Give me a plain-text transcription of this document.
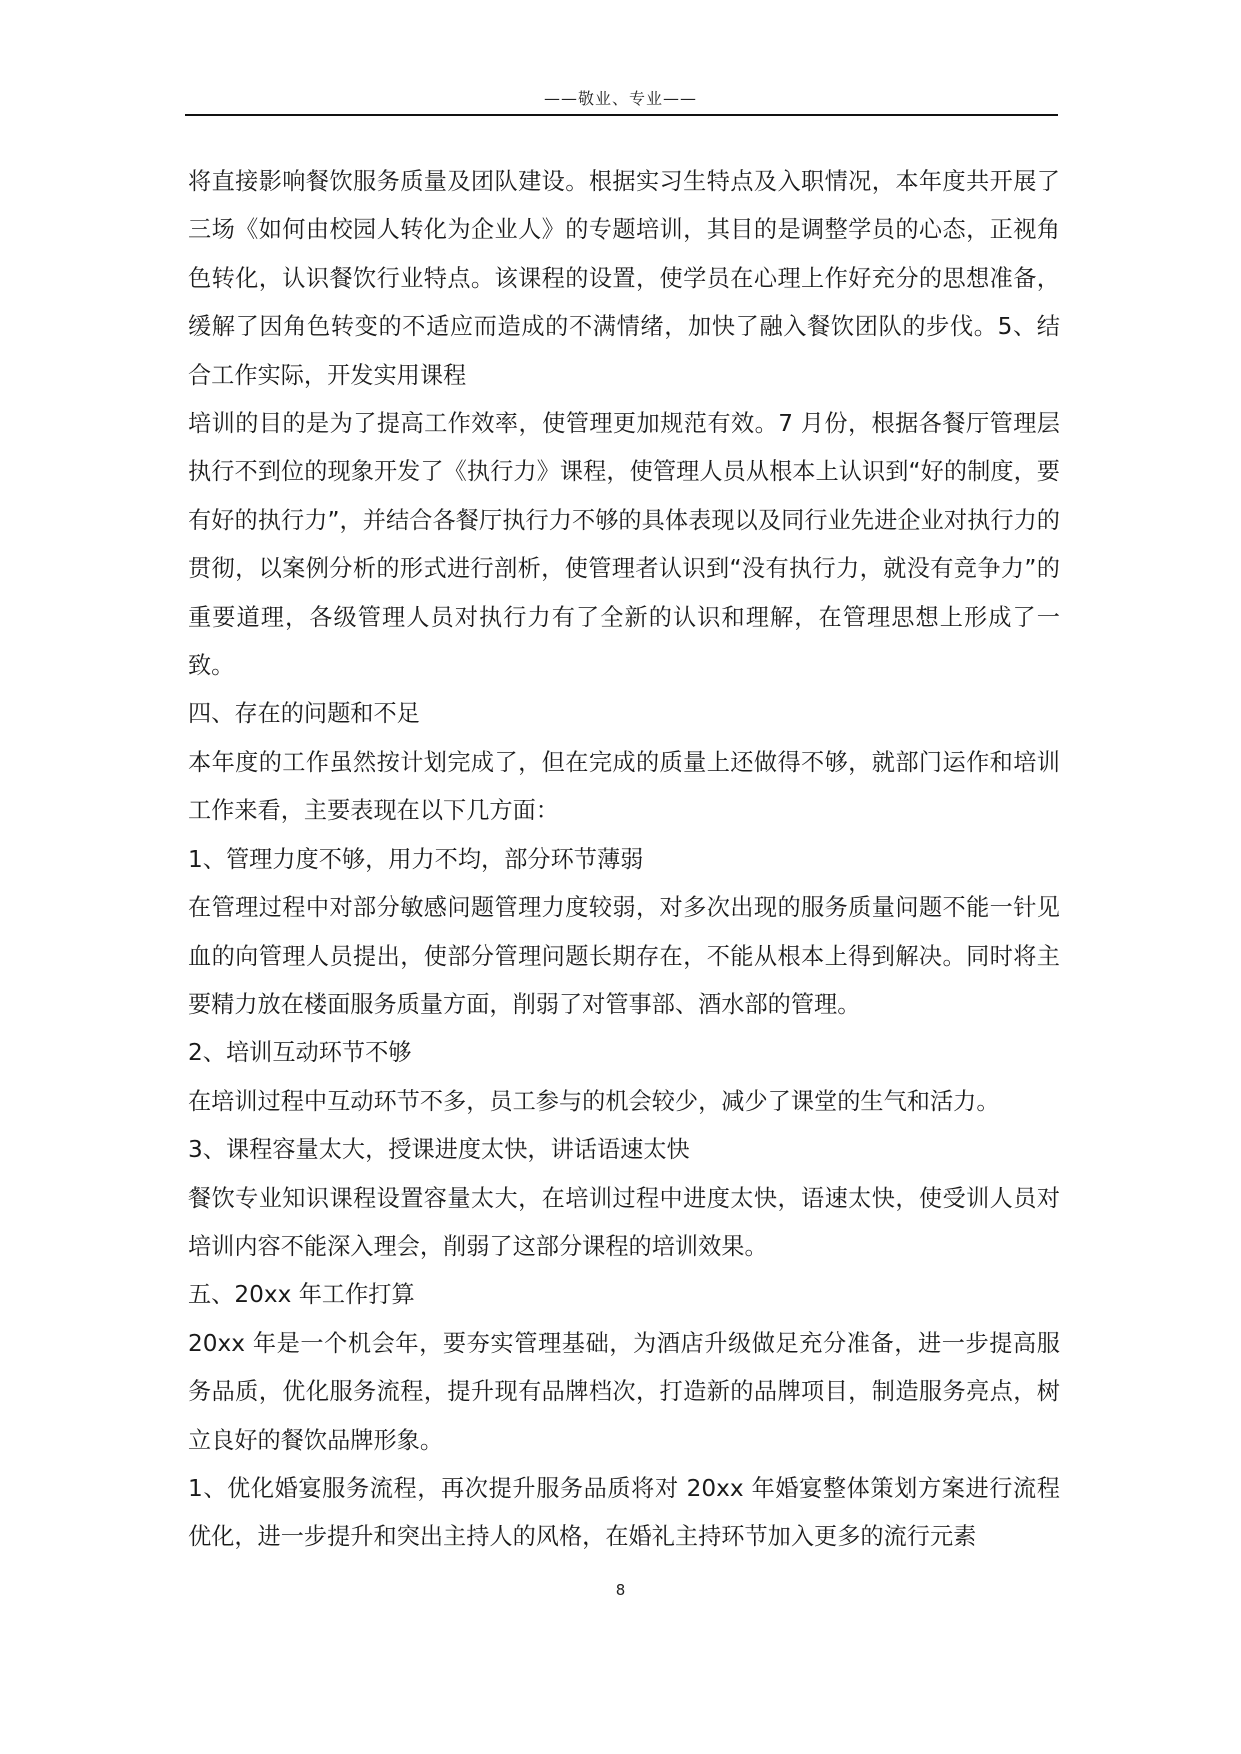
——敬业、专业——

将直接影响餐饮服务质量及团队建设。根据实习生特点及入职情况，本年度共开展了三场《如何由校园人转化为企业人》的专题培训，其目的是调整学员的心态，正视角色转化，认识餐饮行业特点。该课程的设置，使学员在心理上作好充分的思想准备，缓解了因角色转变的不适应而造成的不满情绪，加快了融入餐饮团队的步伐。5、结合工作实际，开发实用课程

培训的目的是为了提高工作效率，使管理更加规范有效。7 月份，根据各餐厅管理层执行不到位的现象开发了《执行力》课程，使管理人员从根本上认识到“好的制度，要有好的执行力”，并结合各餐厅执行力不够的具体表现以及同行业先进企业对执行力的贯彻，以案例分析的形式进行剖析，使管理者认识到“没有执行力，就没有竞争力”的重要道理，各级管理人员对执行力有了全新的认识和理解，在管理思想上形成了一致。

四、存在的问题和不足

本年度的工作虽然按计划完成了，但在完成的质量上还做得不够，就部门运作和培训工作来看，主要表现在以下几方面：

1、管理力度不够，用力不均，部分环节薄弱

在管理过程中对部分敏感问题管理力度较弱，对多次出现的服务质量问题不能一针见血的向管理人员提出，使部分管理问题长期存在，不能从根本上得到解决。同时将主要精力放在楼面服务质量方面，削弱了对管事部、酒水部的管理。

2、培训互动环节不够

在培训过程中互动环节不多，员工参与的机会较少，减少了课堂的生气和活力。

3、课程容量太大，授课进度太快，讲话语速太快

餐饮专业知识课程设置容量太大，在培训过程中进度太快，语速太快，使受训人员对培训内容不能深入理会，削弱了这部分课程的培训效果。

五、20xx 年工作打算

20xx 年是一个机会年，要夯实管理基础，为酒店升级做足充分准备，进一步提高服务品质，优化服务流程，提升现有品牌档次，打造新的品牌项目，制造服务亮点，树立良好的餐饮品牌形象。

1、优化婚宴服务流程，再次提升服务品质将对 20xx 年婚宴整体策划方案进行流程优化，进一步提升和突出主持人的风格，在婚礼主持环节加入更多的流行元素

8
